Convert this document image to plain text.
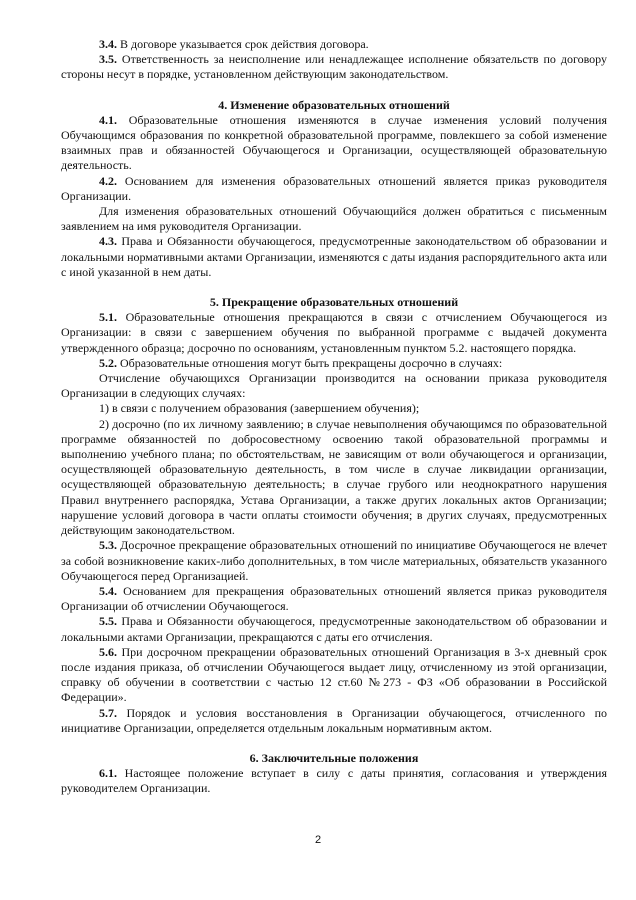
3.4. В договоре указывается срок действия договора.

3.5. Ответственность за неисполнение или ненадлежащее исполнение обязательств по договору стороны несут в порядке, установленном действующим законодательством.

4. Изменение образовательных отношений

4.1. Образовательные отношения изменяются в случае изменения условий получения Обучающимся образования по конкретной образовательной программе, повлекшего за собой изменение взаимных прав и обязанностей Обучающегося и Организации, осуществляющей образовательную деятельность.

4.2. Основанием для изменения образовательных отношений является приказ руководителя Организации.

Для изменения образовательных отношений Обучающийся должен обратиться с письменным заявлением на имя руководителя Организации.

4.3. Права и Обязанности обучающегося, предусмотренные законодательством об образовании и локальными нормативными актами Организации, изменяются с даты издания распорядительного акта или с иной указанной в нем даты.

5. Прекращение образовательных отношений

5.1. Образовательные отношения прекращаются в связи с отчислением Обучающегося из Организации: в связи с завершением обучения по выбранной программе с выдачей документа утвержденного образца; досрочно по основаниям, установленным пунктом 5.2. настоящего порядка.

5.2. Образовательные отношения могут быть прекращены досрочно в случаях:

Отчисление обучающихся Организации производится на основании приказа руководителя Организации в следующих случаях:

1) в связи с получением образования (завершением обучения);

2) досрочно (по их личному заявлению; в случае невыполнения обучающимся по образовательной программе обязанностей по добросовестному освоению такой образовательной программы и выполнению учебного плана; по обстоятельствам, не зависящим от воли обучающегося и организации, осуществляющей образовательную деятельность, в том числе в случае ликвидации организации, осуществляющей образовательную деятельность; в случае грубого или неоднократного нарушения Правил внутреннего распорядка, Устава Организации, а также других локальных актов Организации; нарушение условий договора в части оплаты стоимости обучения; в других случаях, предусмотренных действующим законодательством.

5.3. Досрочное прекращение образовательных отношений по инициативе Обучающегося не влечет за собой возникновение каких-либо дополнительных, в том числе материальных, обязательств указанного Обучающегося перед Организацией.

5.4. Основанием для прекращения образовательных отношений является приказ руководителя Организации об отчислении Обучающегося.

5.5. Права и Обязанности обучающегося, предусмотренные законодательством об образовании и локальными актами Организации, прекращаются с даты его отчисления.

5.6. При досрочном прекращении образовательных отношений Организация в 3-х дневный срок после издания приказа, об отчислении Обучающегося выдает лицу, отчисленному из этой организации, справку об обучении в соответствии с частью 12 ст.60 №273 - ФЗ «Об образовании в Российской Федерации».

5.7. Порядок и условия восстановления в Организации обучающегося, отчисленного по инициативе Организации, определяется отдельным локальным нормативным актом.

6. Заключительные положения

6.1. Настоящее положение вступает в силу с даты принятия, согласования и утверждения руководителем Организации.

2
